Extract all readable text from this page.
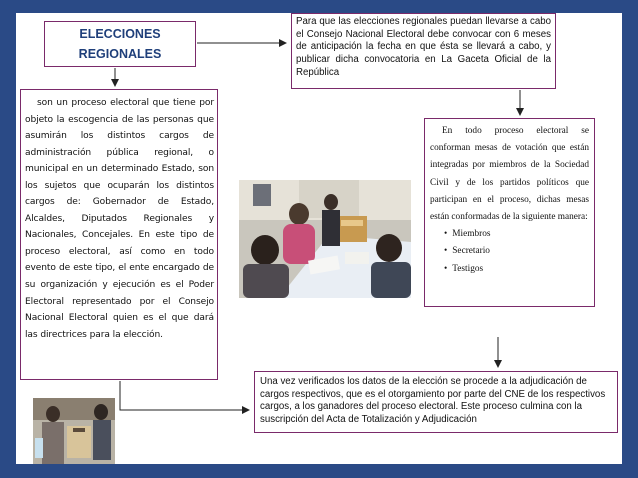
ELECCIONES
REGIONALES
son un proceso electoral que tiene por objeto la escogencia de las personas que asumirán los distintos cargos de administración pública regional, o municipal en un determinado Estado, son los sujetos que ocuparán los distintos cargos de: Gobernador de Estado, Alcaldes, Diputados Regionales y Nacionales, Concejales. En este tipo de proceso electoral, así como en todo evento de este tipo, el ente encargado de su organización y ejecución es el Poder Electoral representado por el Consejo Nacional Electoral quien es el que dará las directrices para la elección.
Para que las elecciones regionales puedan llevarse a cabo el Consejo Nacional Electoral debe convocar con 6 meses de anticipación la fecha en que ésta se llevará a cabo, y publicar dicha convocatoria en La Gaceta Oficial de la República

En todo proceso electoral se conforman mesas de votación que están integradas por miembros de la Sociedad Civil y de los partidos políticos que participan en el proceso, dichas mesas están conformadas de la siguiente manera:

• Miembros
• Secretario
• Testigos
Una vez verificados los datos de la elección se procede a la adjudicación de cargos respectivos, que es el otorgamiento por parte del CNE de los respectivos cargos, a los ganadores del proceso electoral. Este proceso culmina con la suscripción del Acta de Totalización y Adjudicación
